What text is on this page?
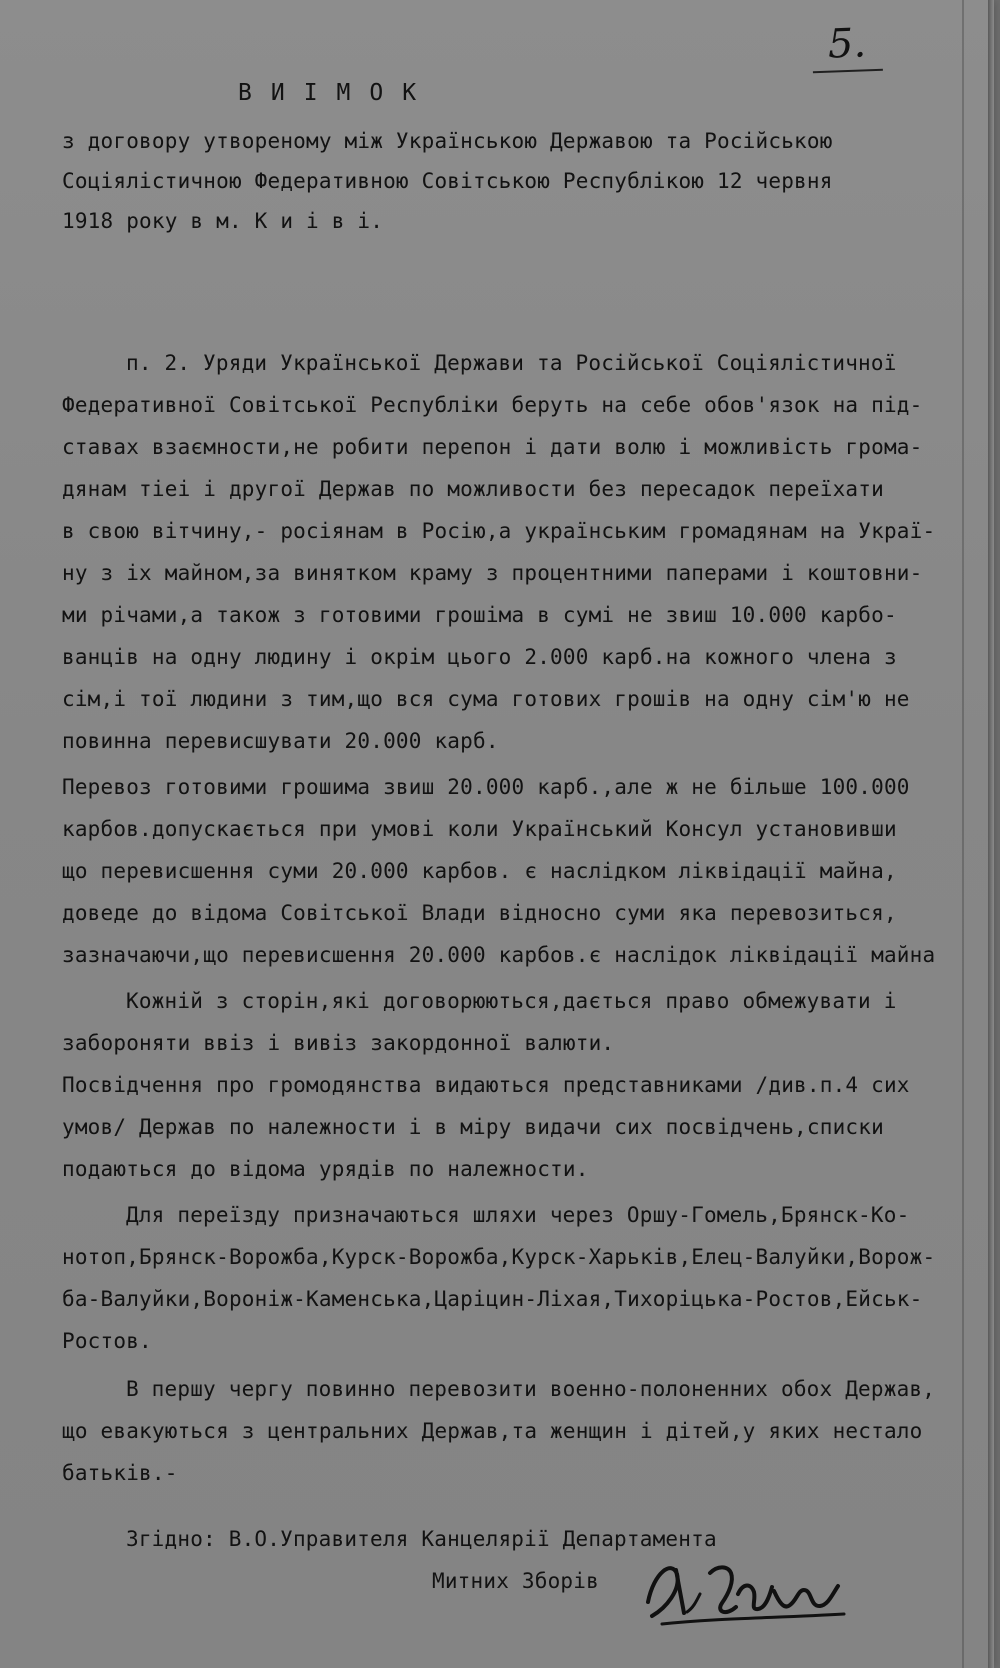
5.
ВИІМОК
з договору утвореному між Українською Державою та Російською
Соціялістичною Федеративною Совітською Республікою 12 червня
1918 року в м. К и і в і.
п. 2. Уряди Української Держави та Російської Соціялістичної
Федеративної Совітської Республіки беруть на себе обов'язок на під-
ставах взаємности,не робити перепон і дати волю і можливість грома-
дянам тіеі і другої Держав по можливости без пересадок переїхати
в свою вітчину,- росіянам в Росію,а українським громадянам на Украї-
ну з іх майном,за винятком краму з процентними паперами і коштовни-
ми річами,а також з готовими грошіма в сумі не звиш 10.000 карбо-
ванців на одну людину і окрім цього 2.000 карб.на кожного члена з
сім,і тої людини з тим,що вся сума готових грошів на одну сім'ю не
повинна перевисшувати 20.000 карб.
Перевоз готовими грошима звиш 20.000 карб.,але ж не більше 100.000
карбов.допускається при умові коли Український Консул установивши
що перевисшення суми 20.000 карбов. є наслідком ліквідації майна,
доведе до відома Совітської Влади відносно суми яка перевозиться,
зазначаючи,що перевисшення 20.000 карбов.є наслідок ліквідації майна
Кожній з сторін,які договорюються,дається право обмежувати і
забороняти ввіз і вивіз закордонної валюти.
Посвідчення про громодянства видаються представниками /див.п.4 сих
умов/ Держав по належности і в міру видачи сих посвідчень,списки
подаються до відома урядів по належности.
Для переїзду призначаються шляхи через Оршу-Гомель,Брянск-Ко-
нотоп,Брянск-Ворожба,Курск-Ворожба,Курск-Харьків,Елец-Валуйки,Ворож-
ба-Валуйки,Вороніж-Каменська,Царіцин-Ліхая,Тихоріцька-Ростов,Ейськ-
Ростов.
В першу чергу повинно перевозити военно-полоненних обох Держав,
що евакуються з центральних Держав,та женщин і дітей,у яких нестало
батьків.-
Згідно: В.О.Управителя Канцелярії Департамента
Митних Зборів
